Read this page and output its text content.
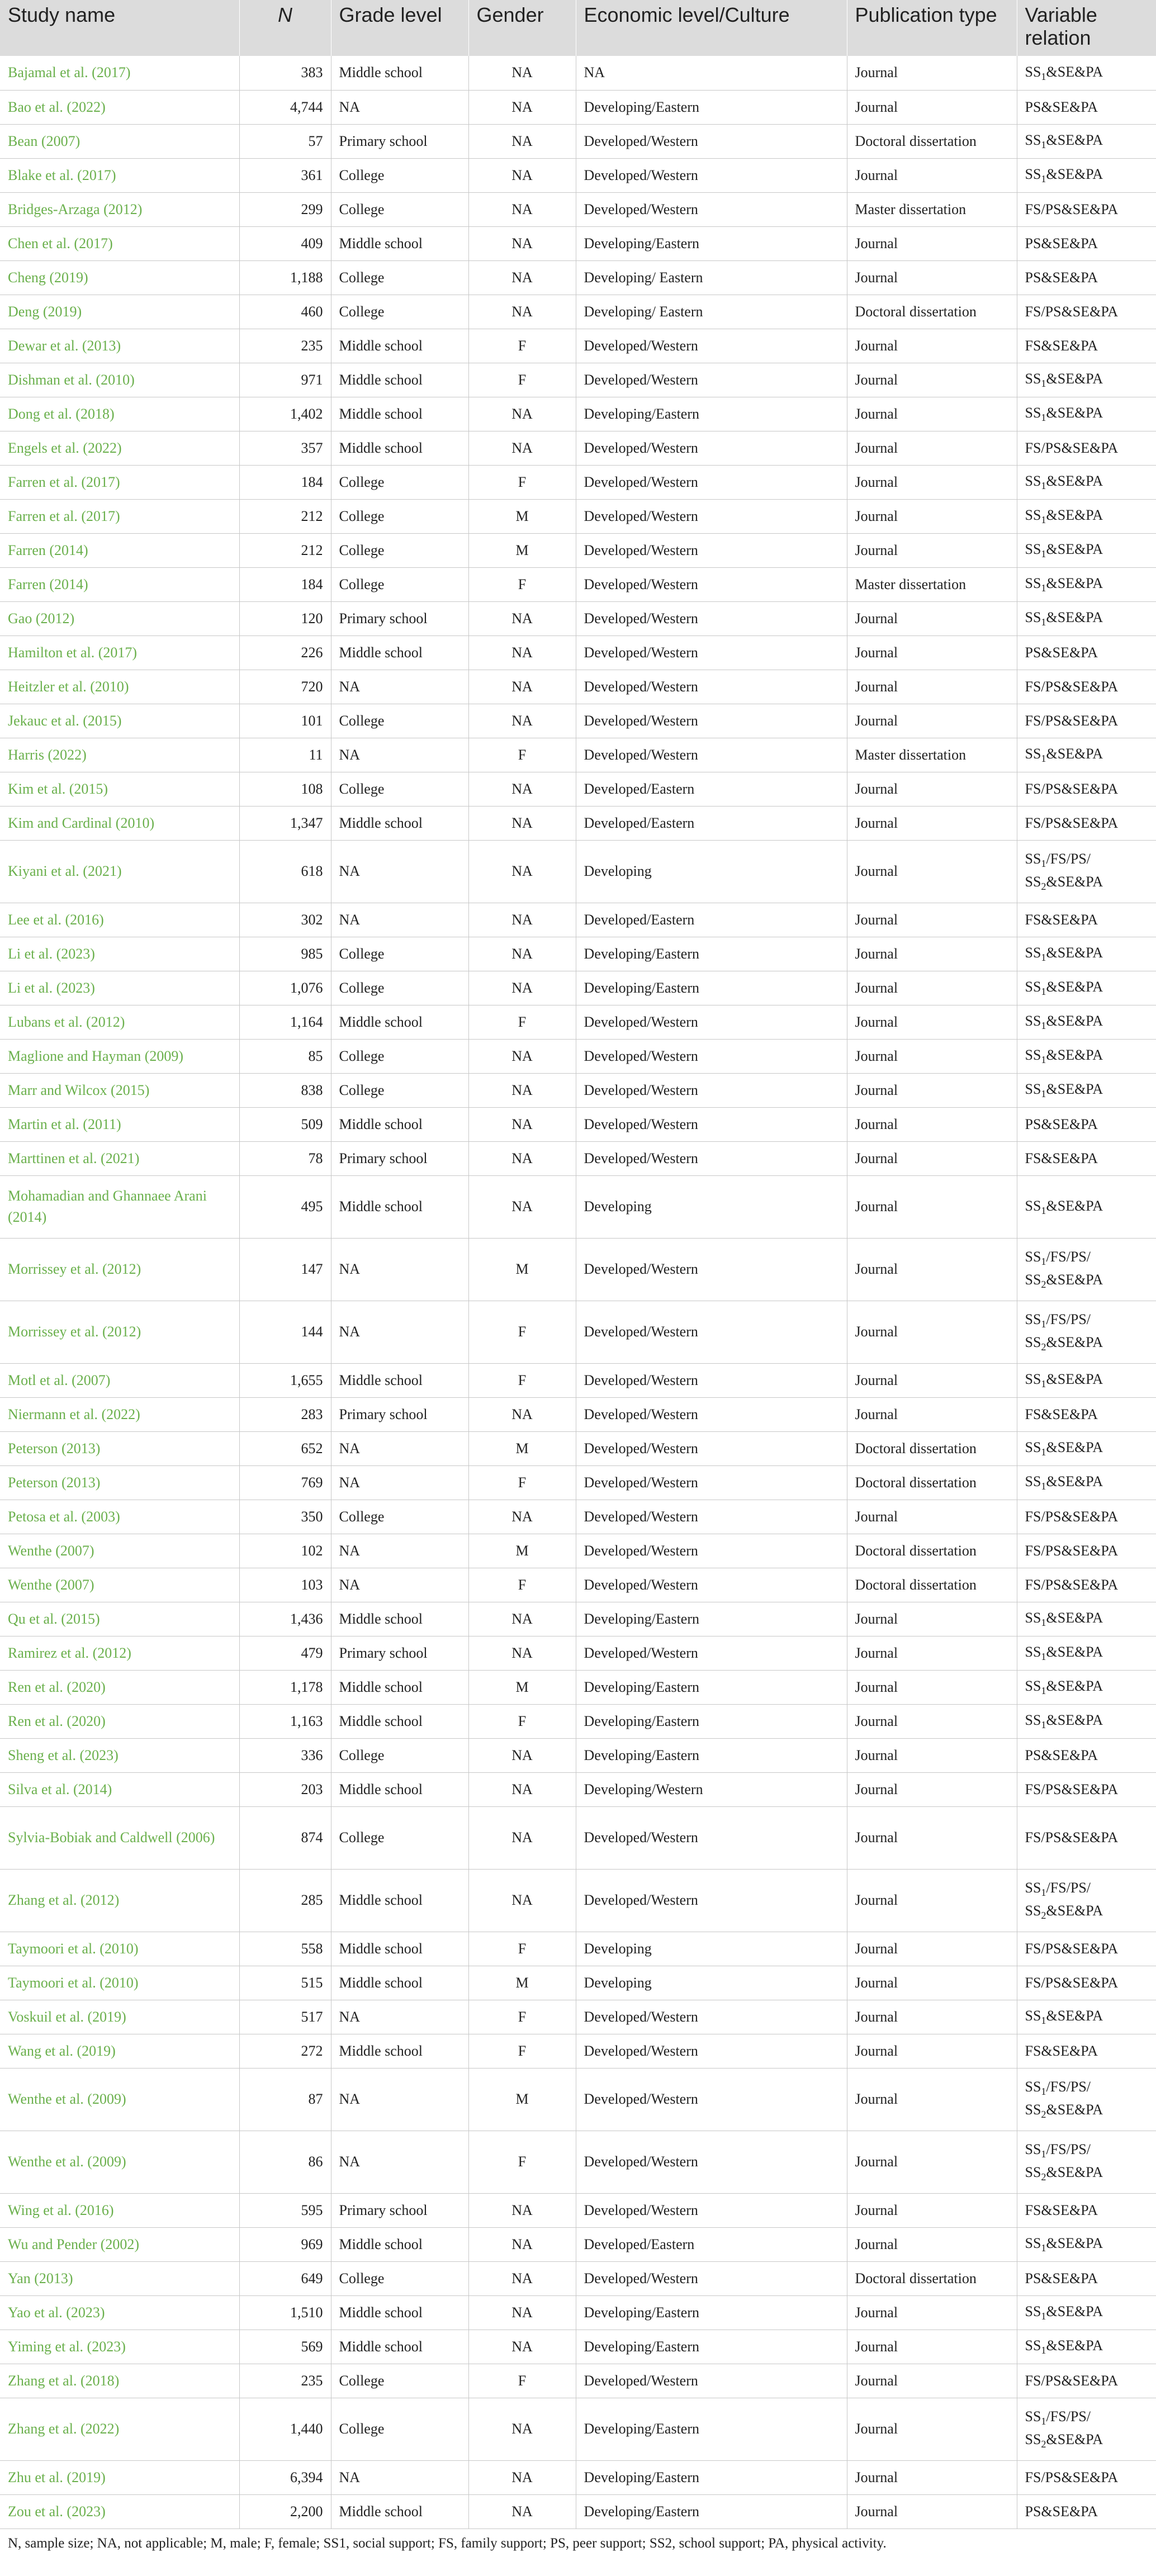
Study name	N	Grade level	Gender	Economic level/Culture	Publication type	Variable relation
Bajamal et al. (2017)	383	Middle school	NA	NA	Journal	$SS_1\&SE\&PA$
Bao et al. (2022)	4,744	NA	NA	Developing/Eastern	Journal	PS&SE&PA
Bean (2007)	57	Primary school	NA	Developed/Western	Doctoral dissertation	$SS_1\&SE\&PA$
Blake et al. (2017)	361	College	NA	Developed/Western	Journal	$SS_1\&SE\&PA$
Bridges-Arzaga (2012)	299	College	NA	Developed/Western	Master dissertation	FS/PS&SE&PA
Chen et al. (2017)	409	Middle school	NA	Developing/Eastern	Journal	PS&SE&PA
Cheng (2019)	1,188	College	NA	Developing/ Eastern	Journal	PS&SE&PA
Deng (2019)	460	College	NA	Developing/ Eastern	Doctoral dissertation	FS/PS&SE&PA
Dewar et al. (2013)	235	Middle school	F	Developed/Western	Journal	FS&SE&PA
Dishman et al. (2010)	971	Middle school	F	Developed/Western	Journal	$SS_1\&SE\&PA$
Dong et al. (2018)	1,402	Middle school	NA	Developing/Eastern	Journal	$SS_1\&SE\&PA$
Engels et al. (2022)	357	Middle school	NA	Developed/Western	Journal	FS/PS&SE&PA
Farren et al. (2017)	184	College	F	Developed/Western	Journal	$SS_1\&SE\&PA$
Farren et al. (2017)	212	College	M	Developed/Western	Journal	$SS_1\&SE\&PA$
Farren (2014)	212	College	M	Developed/Western	Journal	$SS_1\&SE\&PA$
Farren (2014)	184	College	F	Developed/Western	Master dissertation	$SS_1\&SE\&PA$
Gao (2012)	120	Primary school	NA	Developed/Western	Journal	$SS_1\&SE\&PA$
Hamilton et al. (2017)	226	Middle school	NA	Developed/Western	Journal	PS&SE&PA
Heitzler et al. (2010)	720	NA	NA	Developed/Western	Journal	FS/PS&SE&PA
Jekauc et al. (2015)	101	College	NA	Developed/Western	Journal	FS/PS&SE&PA
Harris (2022)	11	NA	F	Developed/Western	Master dissertation	$SS_1\&SE\&PA$
Kim et al. (2015)	108	College	NA	Developed/Eastern	Journal	FS/PS&SE&PA
Kim and Cardinal (2010)	1,347	Middle school	NA	Developed/Eastern	Journal	FS/PS&SE&PA
Kiyani et al. (2021)	618	NA	NA	Developing	Journal	$SS_1/FS/PS/$ $SS_2\&SE\&PA$
Lee et al. (2016)	302	NA	NA	Developed/Eastern	Journal	FS&SE&PA
Li et al. (2023)	985	College	NA	Developing/Eastern	Journal	$SS_1\&SE\&PA$
Li et al. (2023)	1,076	College	NA	Developing/Eastern	Journal	$SS_1\&SE\&PA$
Lubans et al. (2012)	1,164	Middle school	F	Developed/Western	Journal	$SS_1\&SE\&PA$
Maglione and Hayman (2009)	85	College	NA	Developed/Western	Journal	$SS_1\&SE\&PA$
Marr and Wilcox (2015)	838	College	NA	Developed/Western	Journal	$SS_1\&SE\&PA$
Martin et al. (2011)	509	Middle school	NA	Developed/Western	Journal	PS&SE&PA
Marttinen et al. (2021)	78	Primary school	NA	Developed/Western	Journal	FS&SE&PA
Mohamadian and Ghannaee Arani (2014)	495	Middle school	NA	Developing	Journal	$SS_1\&SE\&PA$
Morrissey et al. (2012)	147	NA	M	Developed/Western	Journal	$SS_1/FS/PS/$ $SS_2\&SE\&PA$
Morrissey et al. (2012)	144	NA	F	Developed/Western	Journal	$SS_1/FS/PS/$ $SS_2\&SE\&PA$
Motl et al. (2007)	1,655	Middle school	F	Developed/Western	Journal	$SS_1\&SE\&PA$
Niermann et al. (2022)	283	Primary school	NA	Developed/Western	Journal	FS&SE&PA
Peterson (2013)	652	NA	M	Developed/Western	Doctoral dissertation	$SS_1\&SE\&PA$
Peterson (2013)	769	NA	F	Developed/Western	Doctoral dissertation	$SS_1\&SE\&PA$
Petosa et al. (2003)	350	College	NA	Developed/Western	Journal	FS/PS&SE&PA
Wenthe (2007)	102	NA	M	Developed/Western	Doctoral dissertation	FS/PS&SE&PA
Wenthe (2007)	103	NA	F	Developed/Western	Doctoral dissertation	FS/PS&SE&PA
Qu et al. (2015)	1,436	Middle school	NA	Developing/Eastern	Journal	$SS_1\&SE\&PA$
Ramirez et al. (2012)	479	Primary school	NA	Developed/Western	Journal	$SS_1\&SE\&PA$
Ren et al. (2020)	1,178	Middle school	M	Developing/Eastern	Journal	$SS_1\&SE\&PA$
Ren et al. (2020)	1,163	Middle school	F	Developing/Eastern	Journal	$SS_1\&SE\&PA$
Sheng et al. (2023)	336	College	NA	Developing/Eastern	Journal	PS&SE&PA
Silva et al. (2014)	203	Middle school	NA	Developing/Western	Journal	FS/PS&SE&PA
Sylvia-Bobiak and Caldwell (2006)	874	College	NA	Developed/Western	Journal	FS/PS&SE&PA
Zhang et al. (2012)	285	Middle school	NA	Developed/Western	Journal	$SS_1/FS/PS/$ $SS_2\&SE\&PA$
Taymoori et al. (2010)	558	Middle school	F	Developing	Journal	FS/PS&SE&PA
Taymoori et al. (2010)	515	Middle school	M	Developing	Journal	FS/PS&SE&PA
Voskuil et al. (2019)	517	NA	F	Developed/Western	Journal	$SS_1\&SE\&PA$
Wang et al. (2019)	272	Middle school	F	Developed/Western	Journal	FS&SE&PA
Wenthe et al. (2009)	87	NA	M	Developed/Western	Journal	$SS_1/FS/PS/$ $SS_2\&SE\&PA$
Wenthe et al. (2009)	86	NA	F	Developed/Western	Journal	$SS_1/FS/PS/$ $SS_2\&SE\&PA$
Wing et al. (2016)	595	Primary school	NA	Developed/Western	Journal	FS&SE&PA
Wu and Pender (2002)	969	Middle school	NA	Developed/Eastern	Journal	$SS_1\&SE\&PA$
Yan (2013)	649	College	NA	Developed/Western	Doctoral dissertation	PS&SE&PA
Yao et al. (2023)	1,510	Middle school	NA	Developing/Eastern	Journal	$SS_1\&SE\&PA$
Yiming et al. (2023)	569	Middle school	NA	Developing/Eastern	Journal	$SS_1\&SE\&PA$
Zhang et al. (2018)	235	College	F	Developed/Western	Journal	FS/PS&SE&PA
Zhang et al. (2022)	1,440	College	NA	Developing/Eastern	Journal	$SS_1/FS/PS/$ $SS_2\&SE\&PA$
Zhu et al. (2019)	6,394	NA	NA	Developing/Eastern	Journal	FS/PS&SE&PA
Zou et al. (2023)	2,200	Middle school	NA	Developing/Eastern	Journal	PS&SE&PA
N, sample size; NA, not applicable; M, male; F, female; SS1, social support; FS, family support; PS, peer support; SS2, school support; PA, physical activity.
